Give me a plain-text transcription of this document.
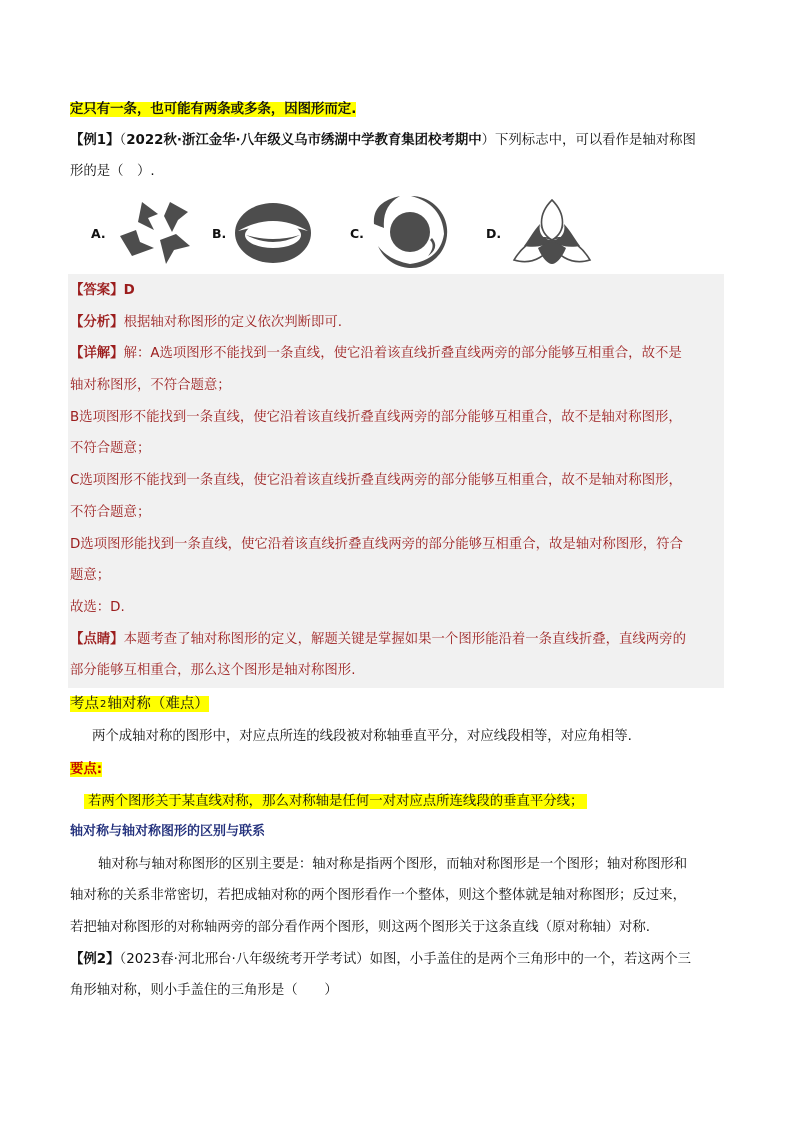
定只有一条，也可能有两条或多条，因图形而定.
【例1】（2022秋·浙江金华·八年级义乌市绣湖中学教育集团校考期中）下列标志中，可以看作是轴对称图
形的是（　）.
A.	B.	C.	D.
【答案】D
【分析】根据轴对称图形的定义依次判断即可.
【详解】解：A选项图形不能找到一条直线，使它沿着该直线折叠直线两旁的部分能够互相重合，故不是
轴对称图形，不符合题意；
B选项图形不能找到一条直线，使它沿着该直线折叠直线两旁的部分能够互相重合，故不是轴对称图形，
不符合题意；
C选项图形不能找到一条直线，使它沿着该直线折叠直线两旁的部分能够互相重合，故不是轴对称图形，
不符合题意；
D选项图形能找到一条直线，使它沿着该直线折叠直线两旁的部分能够互相重合，故是轴对称图形，符合
题意；
故选：D.
【点睛】本题考查了轴对称图形的定义，解题关键是掌握如果一个图形能沿着一条直线折叠，直线两旁的
部分能够互相重合，那么这个图形是轴对称图形.
考点2轴对称（难点）
两个成轴对称的图形中，对应点所连的线段被对称轴垂直平分，对应线段相等，对应角相等.
要点:
若两个图形关于某直线对称，那么对称轴是任何一对对应点所连线段的垂直平分线；
轴对称与轴对称图形的区别与联系
轴对称与轴对称图形的区别主要是：轴对称是指两个图形，而轴对称图形是一个图形；轴对称图形和
轴对称的关系非常密切，若把成轴对称的两个图形看作一个整体，则这个整体就是轴对称图形；反过来，
若把轴对称图形的对称轴两旁的部分看作两个图形，则这两个图形关于这条直线（原对称轴）对称.
【例2】（2023春·河北邢台·八年级统考开学考试）如图，小手盖住的是两个三角形中的一个，若这两个三
角形轴对称，则小手盖住的三角形是（　　）
